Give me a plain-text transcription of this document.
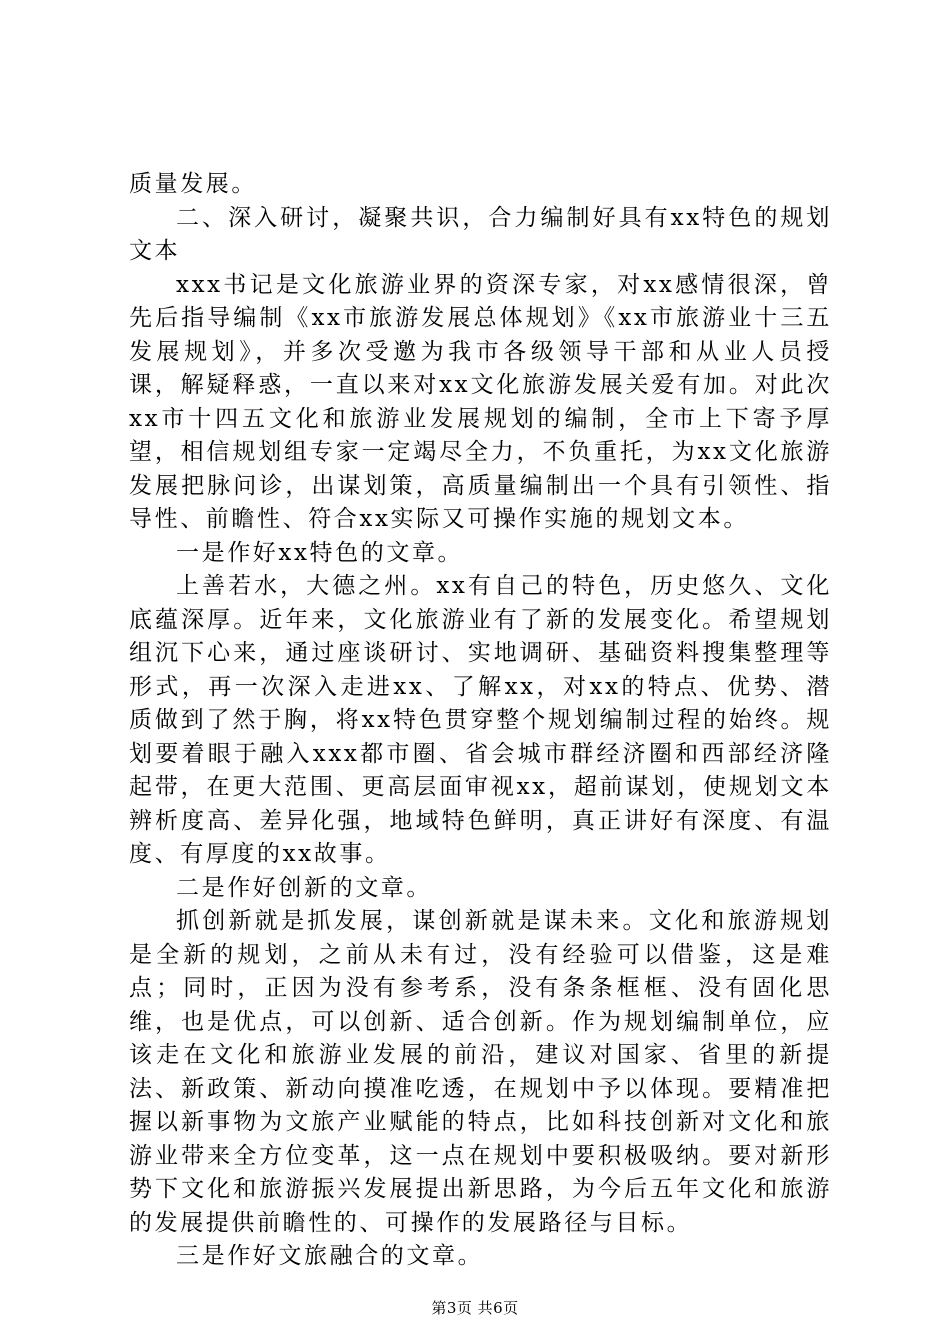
质量发展。

二、深入研讨，凝聚共识，合力编制好具有xx特色的规划文本

xxx书记是文化旅游业界的资深专家，对xx感情很深，曾先后指导编制《xx市旅游发展总体规划》《xx市旅游业十三五发展规划》，并多次受邀为我市各级领导干部和从业人员授课，解疑释惑，一直以来对xx文化旅游发展关爱有加。对此次xx市十四五文化和旅游业发展规划的编制，全市上下寄予厚望，相信规划组专家一定竭尽全力，不负重托，为xx文化旅游发展把脉问诊，出谋划策，高质量编制出一个具有引领性、指导性、前瞻性、符合xx实际又可操作实施的规划文本。

一是作好xx特色的文章。

上善若水，大德之州。xx有自己的特色，历史悠久、文化底蕴深厚。近年来，文化旅游业有了新的发展变化。希望规划组沉下心来，通过座谈研讨、实地调研、基础资料搜集整理等形式，再一次深入走进xx、了解xx，对xx的特点、优势、潜质做到了然于胸，将xx特色贯穿整个规划编制过程的始终。规划要着眼于融入xxx都市圈、省会城市群经济圈和西部经济隆起带，在更大范围、更高层面审视xx，超前谋划，使规划文本辨析度高、差异化强，地域特色鲜明，真正讲好有深度、有温度、有厚度的xx故事。

二是作好创新的文章。

抓创新就是抓发展，谋创新就是谋未来。文化和旅游规划是全新的规划，之前从未有过，没有经验可以借鉴，这是难点；同时，正因为没有参考系，没有条条框框、没有固化思维，也是优点，可以创新、适合创新。作为规划编制单位，应该走在文化和旅游业发展的前沿，建议对国家、省里的新提法、新政策、新动向摸准吃透，在规划中予以体现。要精准把握以新事物为文旅产业赋能的特点，比如科技创新对文化和旅游业带来全方位变革，这一点在规划中要积极吸纳。要对新形势下文化和旅游振兴发展提出新思路，为今后五年文化和旅游的发展提供前瞻性的、可操作的发展路径与目标。

三是作好文旅融合的文章。

第3页 共6页
